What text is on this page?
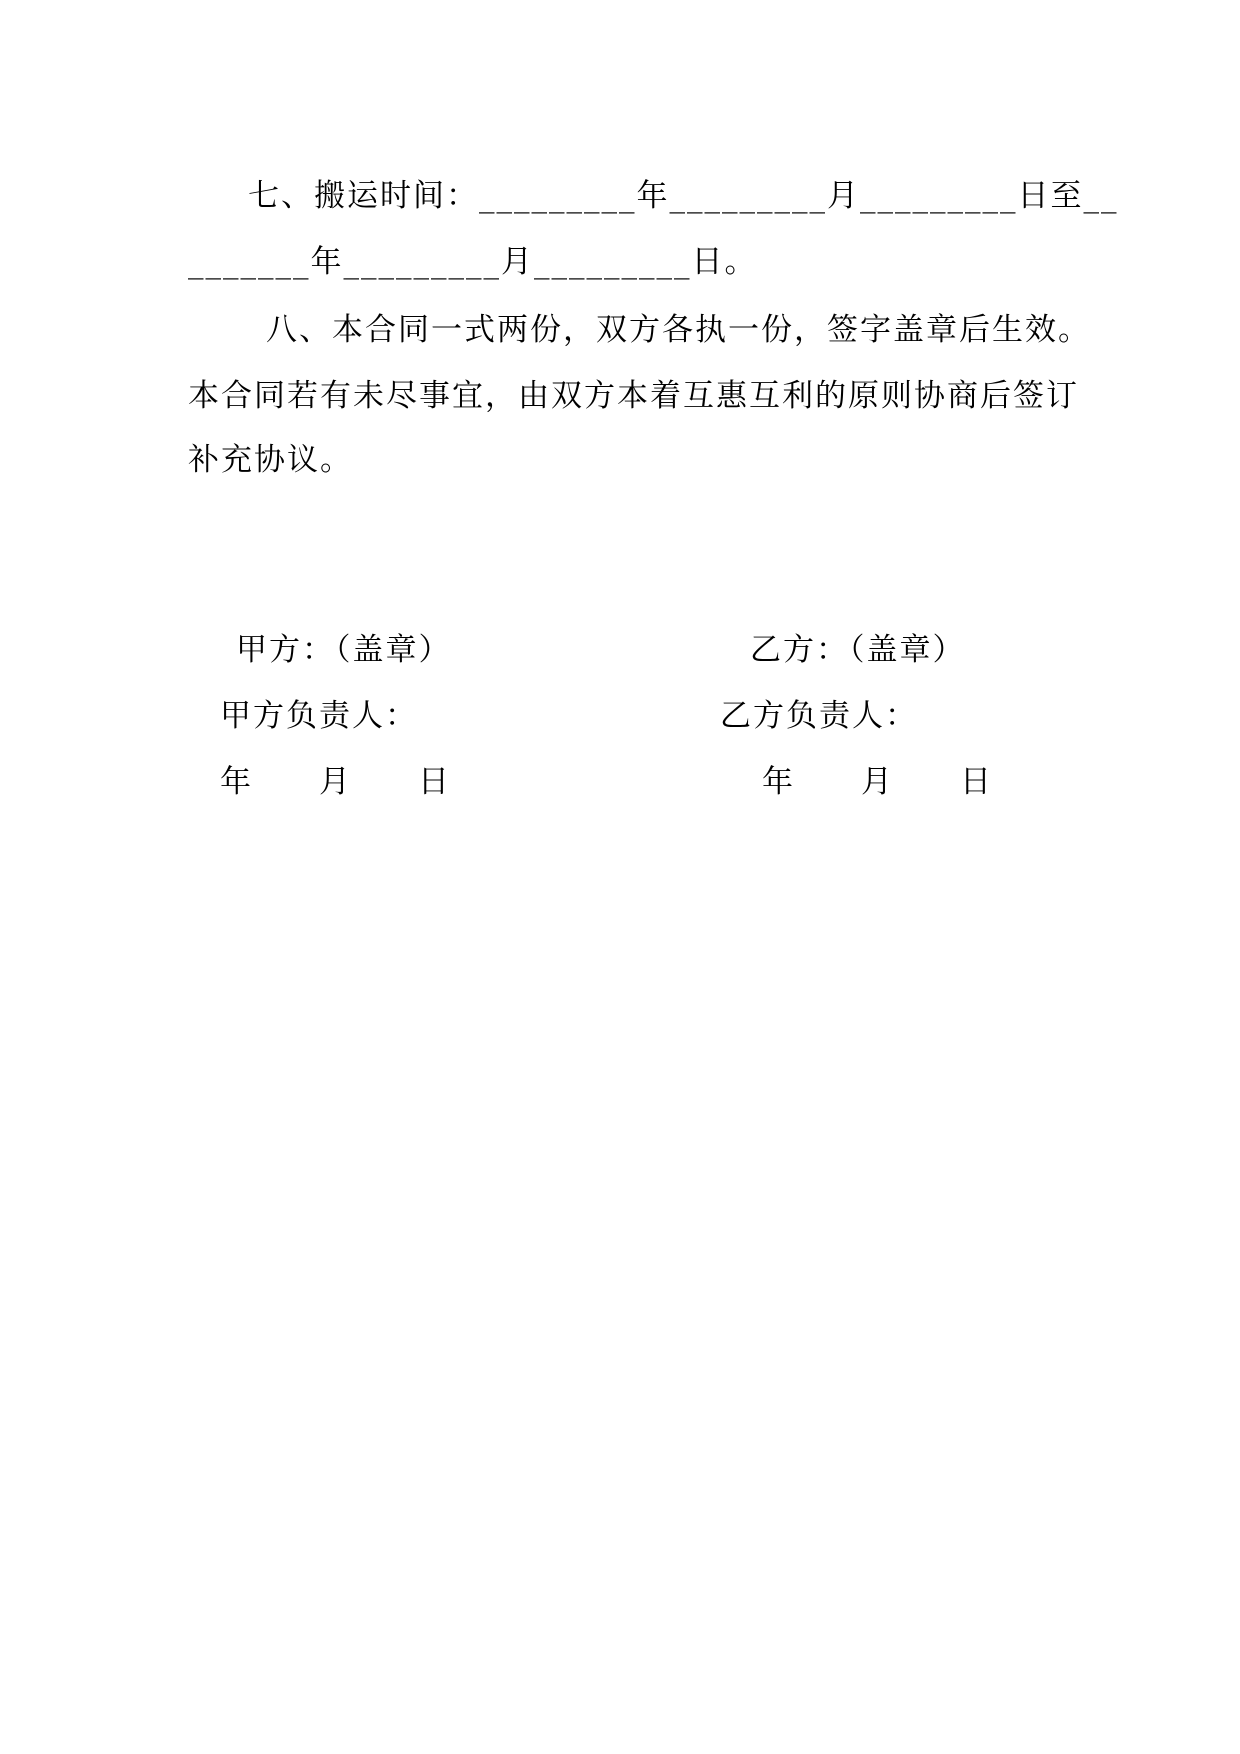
七、搬运时间：_________年_________月_________日至__
_______年_________月_________日。
八、本合同一式两份，双方各执一份，签字盖章后生效。
本合同若有未尽事宜，由双方本着互惠互利的原则协商后签订
补充协议。
甲方：（盖章）
甲方负责人：
年　　月　　日
乙方：（盖章）
乙方负责人：
年　　月　　日
